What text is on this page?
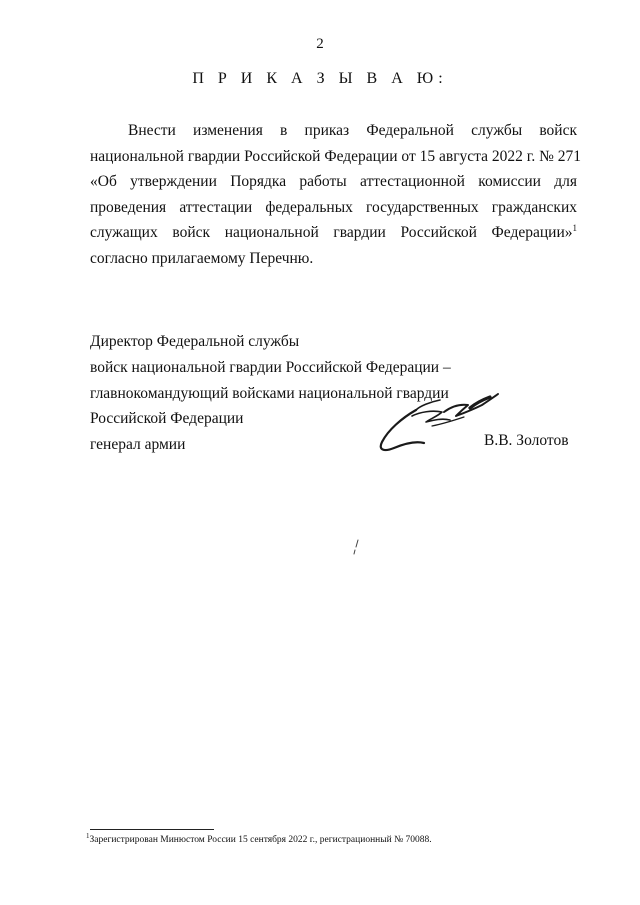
2
П Р И К А З Ы В А Ю:
Внести изменения в приказ Федеральной службы войск
национальной гвардии Российской Федерации от 15 августа 2022 г. № 271
«Об утверждении Порядка работы аттестационной комиссии для
проведения аттестации федеральных государственных гражданских
служащих войск национальной гвардии Российской Федерации»$^1$
согласно прилагаемому Перечню.
Директор Федеральной службы
войск национальной гвардии Российской Федерации –
главнокомандующий войсками национальной гвардии
Российской Федерации
генерал армии	В.В. Золотов
$^1$Зарегистрирован Минюстом России 15 сентября 2022 г., регистрационный № 70088.
